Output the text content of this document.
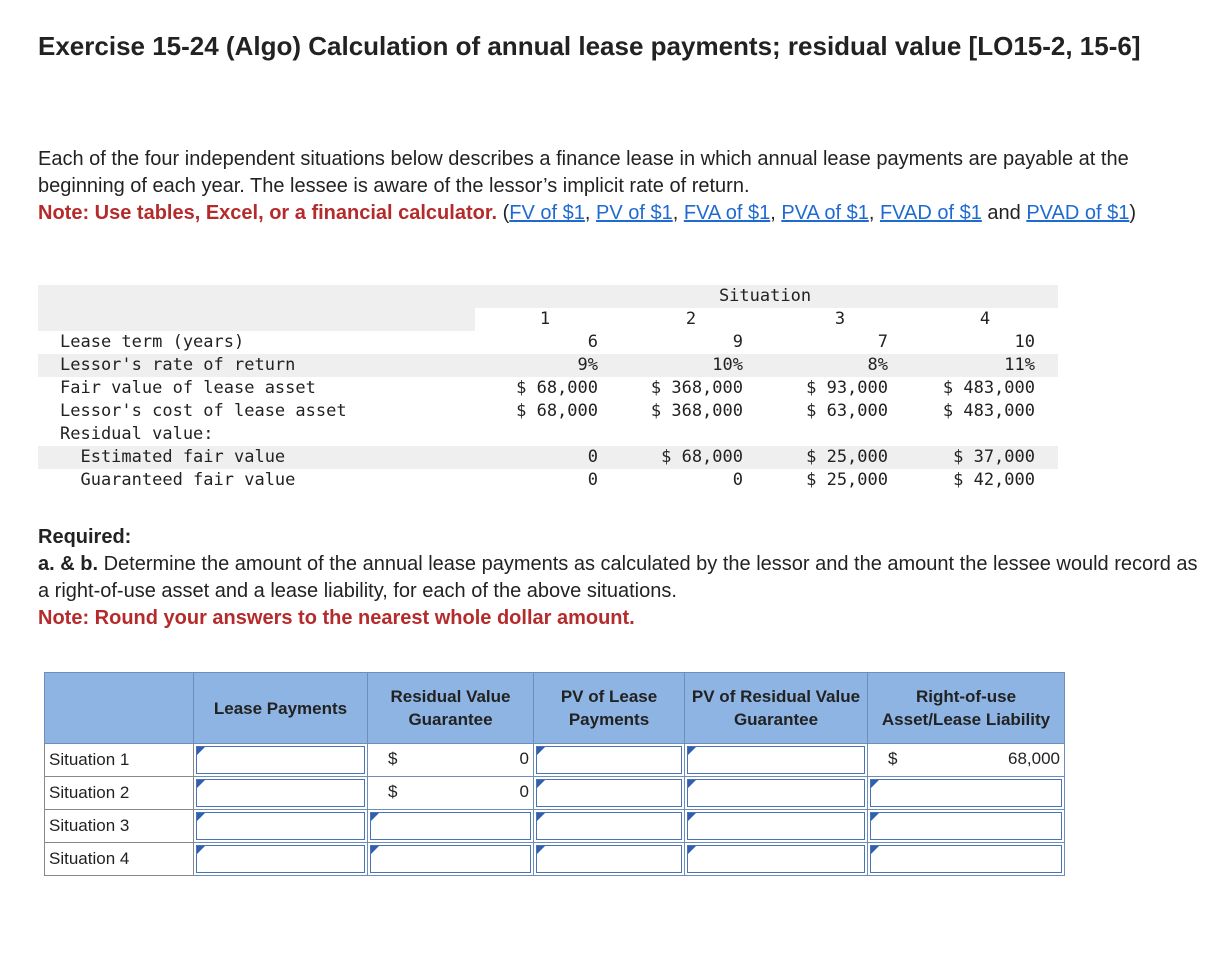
Exercise 15-24 (Algo) Calculation of annual lease payments; residual value [LO15-2, 15-6]
Each of the four independent situations below describes a finance lease in which annual lease payments are payable at the beginning of each year. The lessee is aware of the lessor’s implicit rate of return.
Note: Use tables, Excel, or a financial calculator. (FV of $1, PV of $1, FVA of $1, PVA of $1, FVAD of $1 and PVAD of $1)
Situation
1	2	3	4
Lease term (years)	6	9	7	10
Lessor's rate of return	9%	10%	8%	11%
Fair value of lease asset	$ 68,000	$ 368,000	$ 93,000	$ 483,000
Lessor's cost of lease asset	$ 68,000	$ 368,000	$ 63,000	$ 483,000
Residual value:
Estimated fair value	0	$ 68,000	$ 25,000	$ 37,000
Guaranteed fair value	0	0	$ 25,000	$ 42,000
Required:
a. & b. Determine the amount of the annual lease payments as calculated by the lessor and the amount the lessee would record as a right-of-use asset and a lease liability, for each of the above situations.
Note: Round your answers to the nearest whole dollar amount.
	Lease Payments	Residual Value Guarantee	PV of Lease Payments	PV of Residual Value Guarantee	Right-of-use Asset/Lease Liability
Situation 1		$ 0			$ 68,000

Situation 2		$ 0			

Situation 3	

Situation 4	
